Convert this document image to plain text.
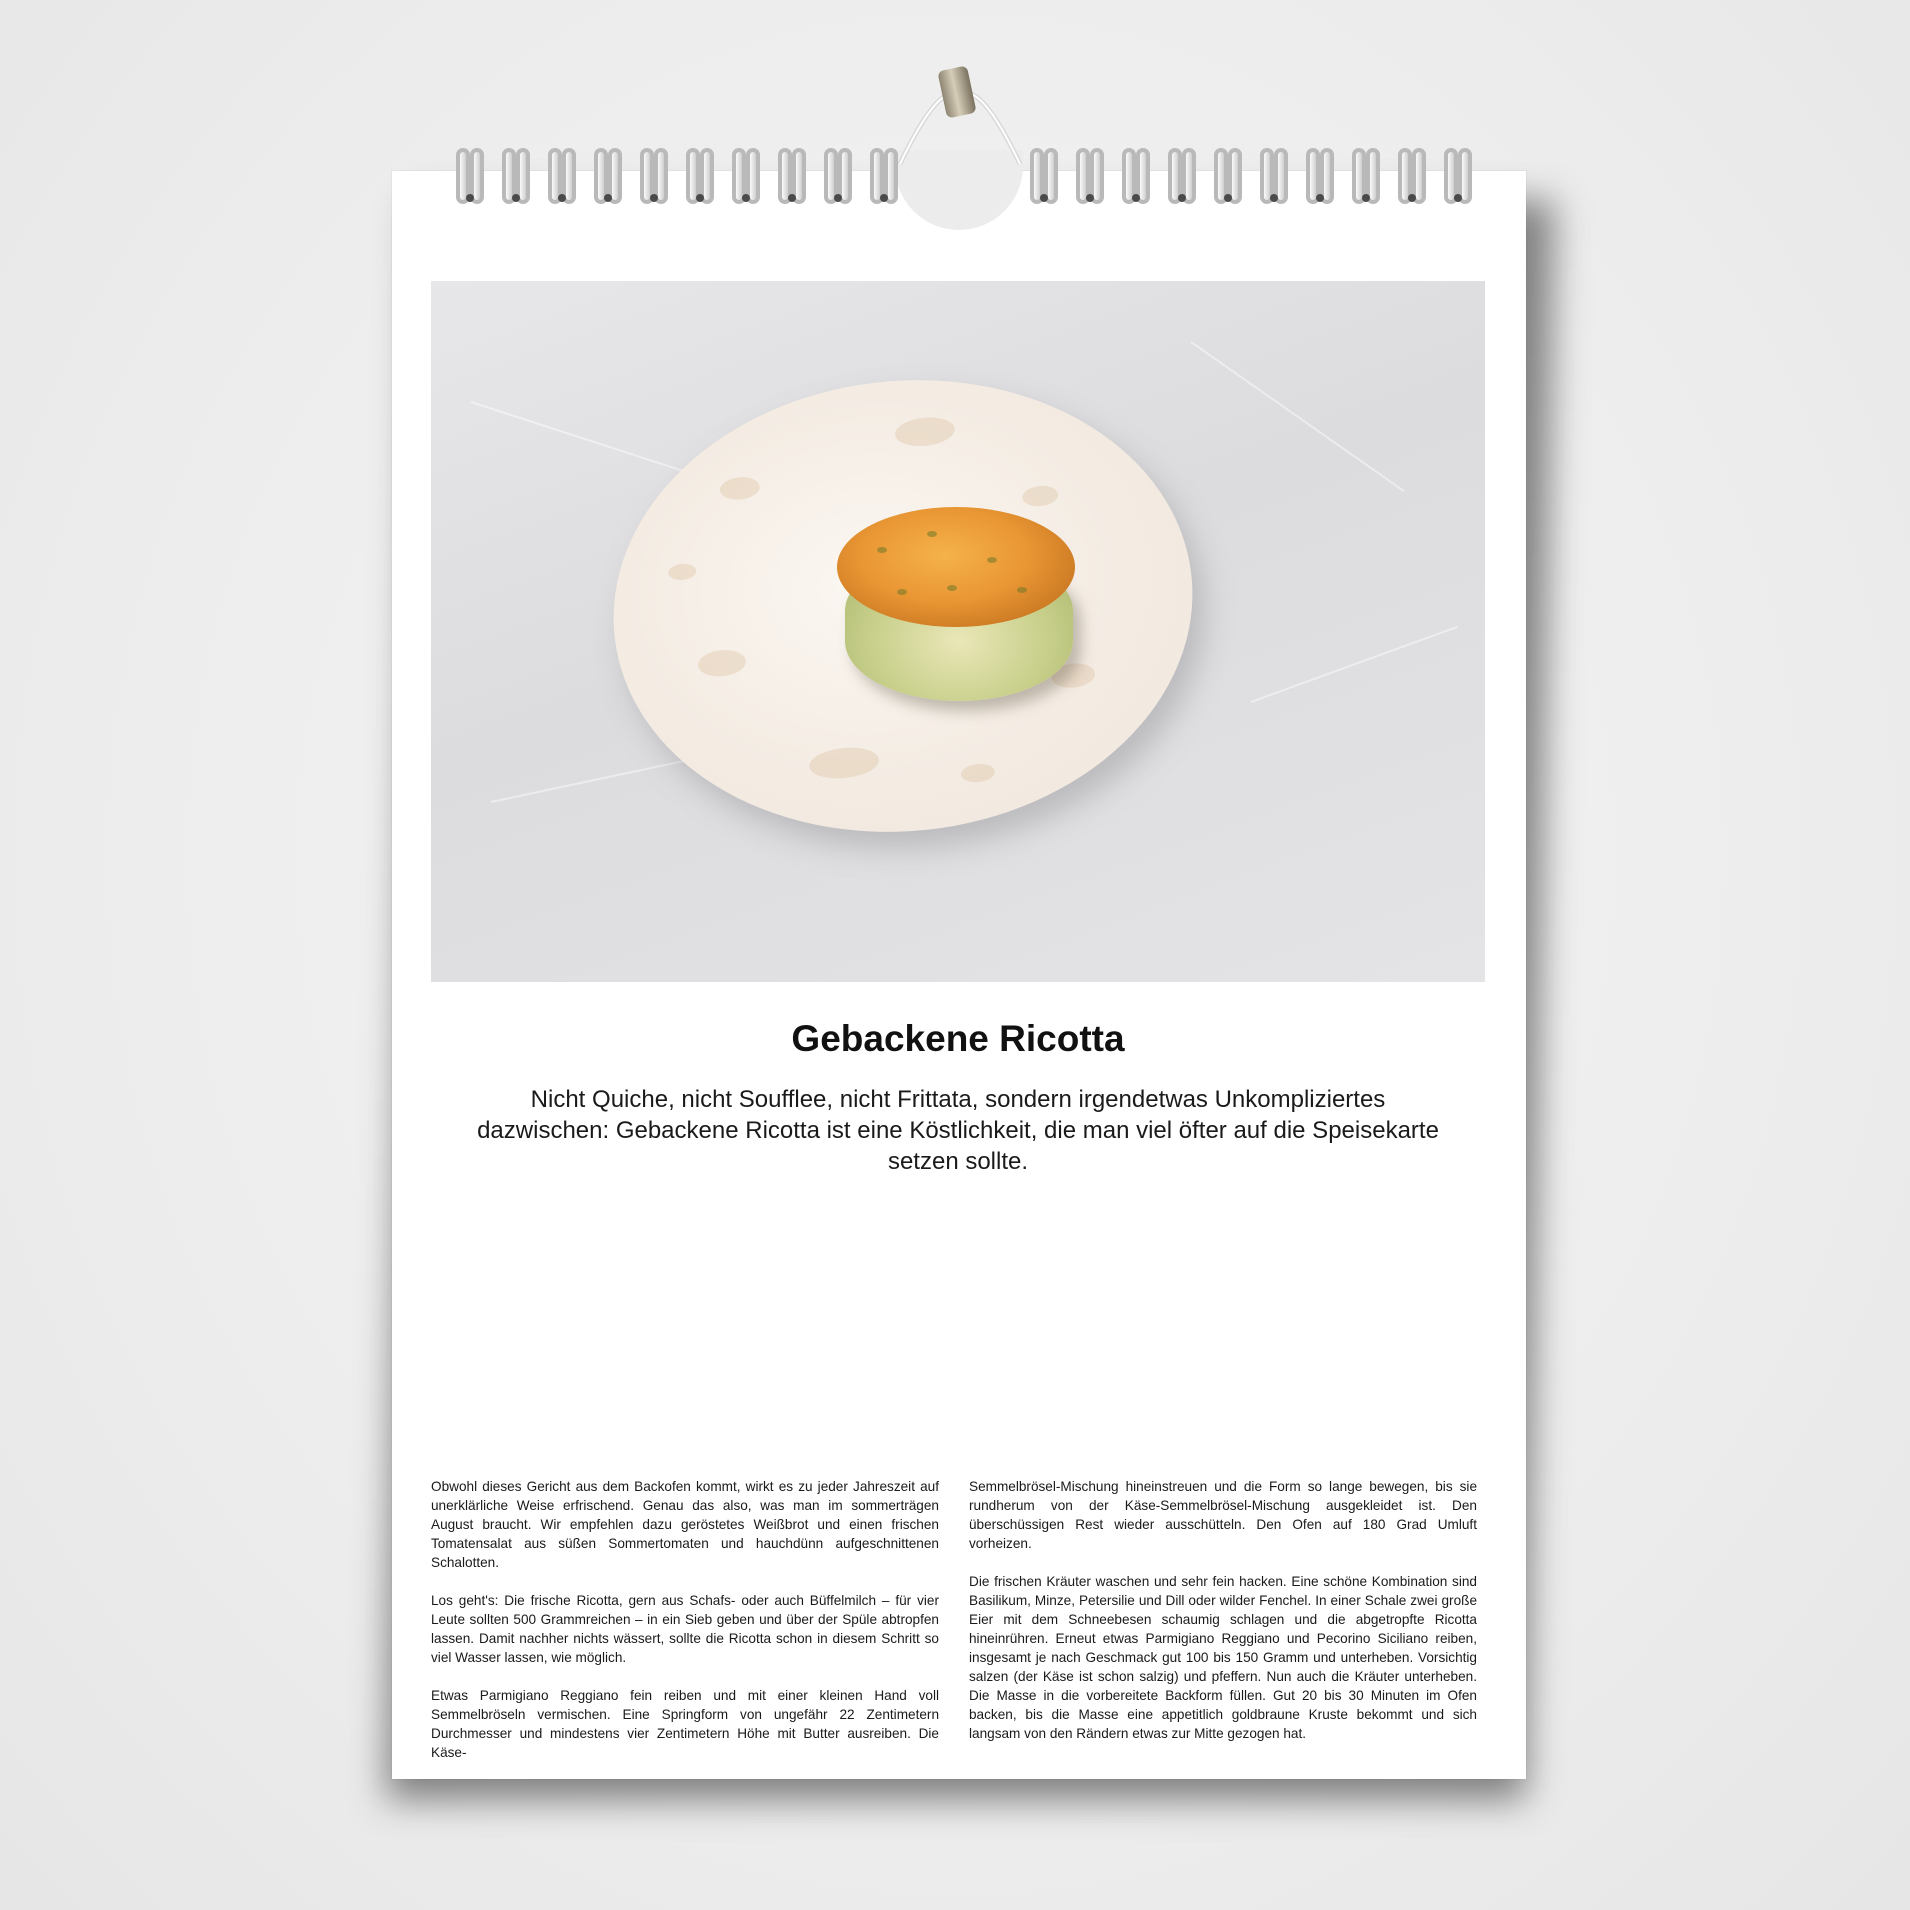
Gebackene Ricotta

Nicht Quiche, nicht Soufflee, nicht Frittata, sondern irgendetwas Unkompliziertes dazwischen: Gebackene Ricotta ist eine Köstlichkeit, die man viel öfter auf die Speisekarte setzen sollte.

Obwohl dieses Gericht aus dem Backofen kommt, wirkt es zu jeder Jahreszeit auf unerklärliche Weise erfrischend. Genau das also, was man im sommerträgen August braucht. Wir empfehlen dazu geröstetes Weißbrot und einen frischen Tomatensalat aus süßen Sommertomaten und hauchdünn aufgeschnittenen Schalotten.

Los geht's: Die frische Ricotta, gern aus Schafs- oder auch Büffelmilch – für vier Leute sollten 500 Grammreichen – in ein Sieb geben und über der Spüle abtropfen lassen. Damit nachher nichts wässert, sollte die Ricotta schon in diesem Schritt so viel Wasser lassen, wie möglich.

Etwas Parmigiano Reggiano fein reiben und mit einer kleinen Hand voll Semmelbröseln vermischen. Eine Springform von ungefähr 22 Zentimetern Durchmesser und mindestens vier Zentimetern Höhe mit Butter ausreiben. Die Käse-

Semmelbrösel-Mischung hineinstreuen und die Form so lange bewegen, bis sie rundherum von der Käse-Semmelbrösel-Mischung ausgekleidet ist. Den überschüssigen Rest wieder ausschütteln. Den Ofen auf 180 Grad Umluft vorheizen.

Die frischen Kräuter waschen und sehr fein hacken. Eine schöne Kombination sind Basilikum, Minze, Petersilie und Dill oder wilder Fenchel. In einer Schale zwei große Eier mit dem Schneebesen schaumig schlagen und die abgetropfte Ricotta hineinrühren. Erneut etwas Parmigiano Reggiano und Pecorino Siciliano reiben, insgesamt je nach Geschmack gut 100 bis 150 Gramm und unterheben. Vorsichtig salzen (der Käse ist schon salzig) und pfeffern. Nun auch die Kräuter unterheben. Die Masse in die vorbereitete Backform füllen. Gut 20 bis 30 Minuten im Ofen backen, bis die Masse eine appetitlich goldbraune Kruste bekommt und sich langsam von den Rändern etwas zur Mitte gezogen hat.
